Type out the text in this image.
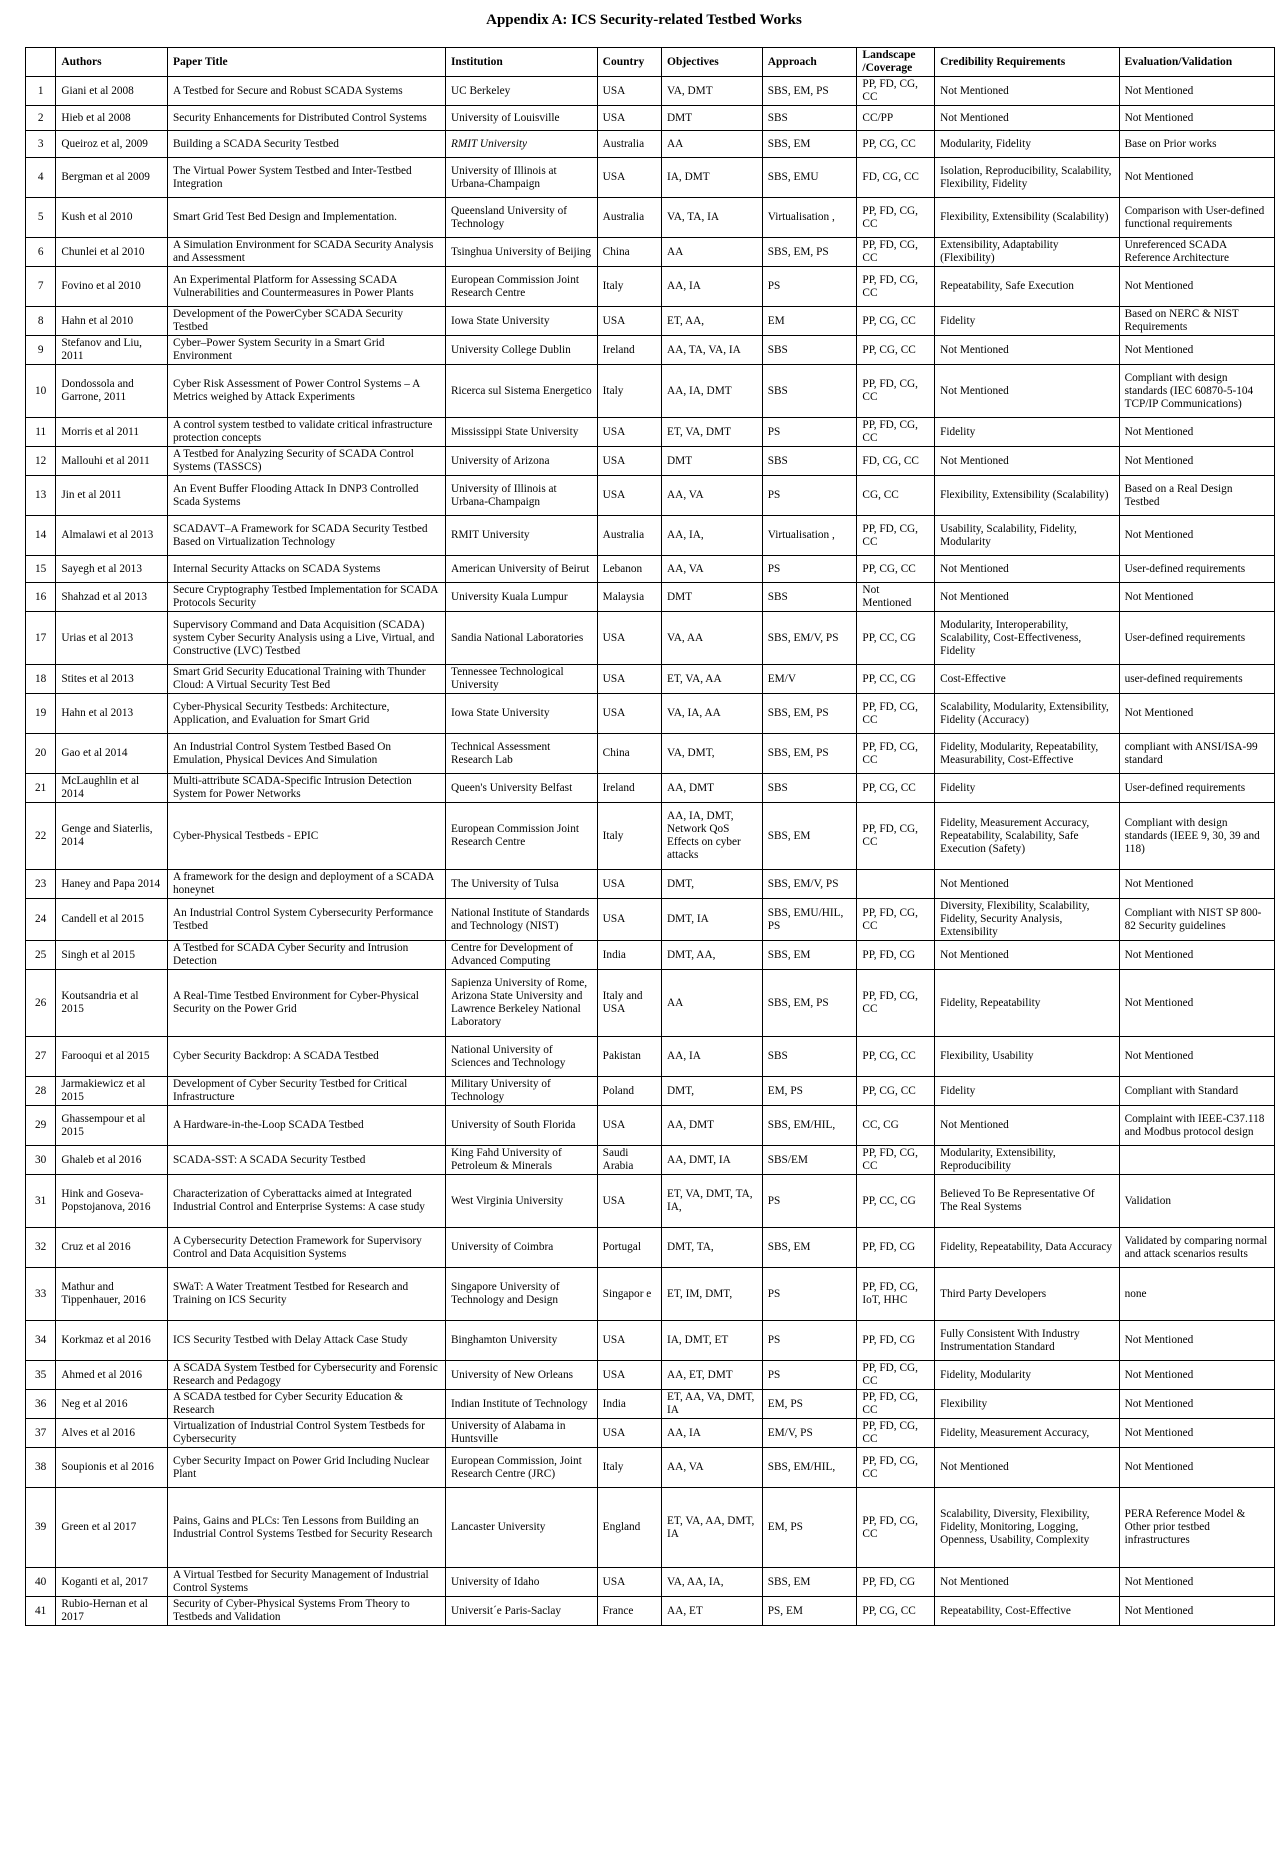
Appendix A: ICS Security-related Testbed Works
	Authors	Paper Title	Institution	Country	Objectives	Approach	Landscape /Coverage	Credibility Requirements	Evaluation/Validation
1	Giani et al 2008	A Testbed for Secure and Robust SCADA Systems	UC Berkeley	USA	VA, DMT	SBS, EM, PS	PP, FD, CG, CC	Not Mentioned	Not Mentioned
2	Hieb et al 2008	Security Enhancements for Distributed Control Systems	University of Louisville	USA	DMT	SBS	CC/PP	Not Mentioned	Not Mentioned
3	Queiroz et al, 2009	Building a SCADA Security Testbed	RMIT University	Australia	AA	SBS, EM	PP, CG, CC	Modularity, Fidelity	Base on Prior works
4	Bergman et al 2009	The Virtual Power System Testbed and Inter-Testbed Integration	University of Illinois at Urbana-Champaign	USA	IA, DMT	SBS, EMU	FD, CG, CC	Isolation, Reproducibility, Scalability, Flexibility, Fidelity	Not Mentioned
5	Kush et al 2010	Smart Grid Test Bed Design and Implementation.	Queensland University of Technology	Australia	VA, TA, IA	Virtualisation ,	PP, FD, CG, CC	Flexibility, Extensibility (Scalability)	Comparison with User-defined functional requirements
6	Chunlei et al 2010	A Simulation Environment for SCADA Security Analysis and Assessment	Tsinghua University of Beijing	China	AA	SBS, EM, PS	PP, FD, CG, CC	Extensibility, Adaptability (Flexibility)	Unreferenced SCADA Reference Architecture
7	Fovino et al 2010	An Experimental Platform for Assessing SCADA Vulnerabilities and Countermeasures in Power Plants	European Commission Joint Research Centre	Italy	AA, IA	PS	PP, FD, CG, CC	Repeatability, Safe Execution	Not Mentioned
8	Hahn et al 2010	Development of the PowerCyber SCADA Security Testbed	Iowa State University	USA	ET, AA,	EM	PP, CG, CC	Fidelity	Based on NERC & NIST Requirements
9	Stefanov and Liu, 2011	Cyber–Power System Security in a Smart Grid Environment	University College Dublin	Ireland	AA, TA, VA, IA	SBS	PP, CG, CC	Not Mentioned	Not Mentioned
10	Dondossola and Garrone, 2011	Cyber Risk Assessment of Power Control Systems – A Metrics weighed by Attack Experiments	Ricerca sul Sistema Energetico	Italy	AA, IA, DMT	SBS	PP, FD, CG, CC	Not Mentioned	Compliant with design standards (IEC 60870-5-104 TCP/IP Communications)
11	Morris et al 2011	A control system testbed to validate critical infrastructure protection concepts	Mississippi State University	USA	ET, VA, DMT	PS	PP, FD, CG, CC	Fidelity	Not Mentioned
12	Mallouhi et al 2011	A Testbed for Analyzing Security of SCADA Control Systems (TASSCS)	University of Arizona	USA	DMT	SBS	FD, CG, CC	Not Mentioned	Not Mentioned
13	Jin et al 2011	An Event Buffer Flooding Attack In DNP3 Controlled Scada Systems	University of Illinois at Urbana-Champaign	USA	AA, VA	PS	CG, CC	Flexibility, Extensibility (Scalability)	Based on a Real Design Testbed
14	Almalawi et al 2013	SCADAVT–A Framework for SCADA Security Testbed Based on Virtualization Technology	RMIT University	Australia	AA, IA,	Virtualisation ,	PP, FD, CG, CC	Usability, Scalability, Fidelity, Modularity	Not Mentioned
15	Sayegh et al 2013	Internal Security Attacks on SCADA Systems	American University of Beirut	Lebanon	AA, VA	PS	PP, CG, CC	Not Mentioned	User-defined requirements
16	Shahzad et al 2013	Secure Cryptography Testbed Implementation for SCADA Protocols Security	University Kuala Lumpur	Malaysia	DMT	SBS	Not Mentioned	Not Mentioned	Not Mentioned
17	Urias et al 2013	Supervisory Command and Data Acquisition (SCADA) system Cyber Security Analysis using a Live, Virtual, and Constructive (LVC) Testbed	Sandia National Laboratories	USA	VA, AA	SBS, EM/V, PS	PP, CC, CG	Modularity, Interoperability, Scalability, Cost-Effectiveness, Fidelity	User-defined requirements
18	Stites et al 2013	Smart Grid Security Educational Training with Thunder Cloud: A Virtual Security Test Bed	Tennessee Technological University	USA	ET, VA, AA	EM/V	PP, CC, CG	Cost-Effective	user-defined requirements
19	Hahn et al 2013	Cyber-Physical Security Testbeds: Architecture, Application, and Evaluation for Smart Grid	Iowa State University	USA	VA, IA, AA	SBS, EM, PS	PP, FD, CG, CC	Scalability, Modularity, Extensibility, Fidelity (Accuracy)	Not Mentioned
20	Gao et al 2014	An Industrial Control System Testbed Based On Emulation, Physical Devices And Simulation	Technical Assessment Research Lab	China	VA, DMT,	SBS, EM, PS	PP, FD, CG, CC	Fidelity, Modularity, Repeatability, Measurability, Cost-Effective	compliant with ANSI/ISA-99 standard
21	McLaughlin et al 2014	Multi-attribute SCADA-Specific Intrusion Detection System for Power Networks	Queen's University Belfast	Ireland	AA, DMT	SBS	PP, CG, CC	Fidelity	User-defined requirements
22	Genge and Siaterlis, 2014	Cyber-Physical Testbeds - EPIC	European Commission Joint Research Centre	Italy	AA, IA, DMT, Network QoS Effects on cyber attacks	SBS, EM	PP, FD, CG, CC	Fidelity, Measurement Accuracy, Repeatability, Scalability, Safe Execution (Safety)	Compliant with design standards (IEEE 9, 30, 39 and 118)
23	Haney and Papa 2014	A framework for the design and deployment of a SCADA honeynet	The University of Tulsa	USA	DMT,	SBS, EM/V, PS		Not Mentioned	Not Mentioned
24	Candell et al 2015	An Industrial Control System Cybersecurity Performance Testbed	National Institute of Standards and Technology (NIST)	USA	DMT, IA	SBS, EMU/HIL, PS	PP, FD, CG, CC	Diversity, Flexibility, Scalability, Fidelity, Security Analysis, Extensibility	Compliant with NIST SP 800-82 Security guidelines
25	Singh et al 2015	A Testbed for SCADA Cyber Security and Intrusion Detection	Centre for Development of Advanced Computing	India	DMT, AA,	SBS, EM	PP, FD, CG	Not Mentioned	Not Mentioned
26	Koutsandria et al 2015	A Real-Time Testbed Environment for Cyber-Physical Security on the Power Grid	Sapienza University of Rome, Arizona State University and Lawrence Berkeley National Laboratory	Italy and USA	AA	SBS, EM, PS	PP, FD, CG, CC	Fidelity, Repeatability	Not Mentioned
27	Farooqui et al 2015	Cyber Security Backdrop: A SCADA Testbed	National University of Sciences and Technology	Pakistan	AA, IA	SBS	PP, CG, CC	Flexibility, Usability	Not Mentioned
28	Jarmakiewicz et al 2015	Development of Cyber Security Testbed for Critical Infrastructure	Military University of Technology	Poland	DMT,	EM, PS	PP, CG, CC	Fidelity	Compliant with Standard
29	Ghassempour et al 2015	A Hardware-in-the-Loop SCADA Testbed	University of South Florida	USA	AA, DMT	SBS, EM/HIL,	CC, CG	Not Mentioned	Complaint with IEEE-C37.118 and Modbus protocol design
30	Ghaleb et al 2016	SCADA-SST: A SCADA Security Testbed	King Fahd University of Petroleum & Minerals	Saudi Arabia	AA, DMT, IA	SBS/EM	PP, FD, CG, CC	Modularity, Extensibility, Reproducibility	
31	Hink and Goseva-Popstojanova, 2016	Characterization of Cyberattacks aimed at Integrated Industrial Control and Enterprise Systems: A case study	West Virginia University	USA	ET, VA, DMT, TA, IA,	PS	PP, CC, CG	Believed To Be Representative Of The Real Systems	Validation
32	Cruz et al 2016	A Cybersecurity Detection Framework for Supervisory Control and Data Acquisition Systems	University of Coimbra	Portugal	DMT, TA,	SBS, EM	PP, FD, CG	Fidelity, Repeatability, Data Accuracy	Validated by comparing normal and attack scenarios results
33	Mathur and Tippenhauer, 2016	SWaT: A Water Treatment Testbed for Research and Training on ICS Security	Singapore University of Technology and Design	Singapor e	ET, IM, DMT,	PS	PP, FD, CG, IoT, HHC	Third Party Developers	none
34	Korkmaz et al 2016	ICS Security Testbed with Delay Attack Case Study	Binghamton University	USA	IA, DMT, ET	PS	PP, FD, CG	Fully Consistent With Industry Instrumentation Standard	Not Mentioned
35	Ahmed et al 2016	A SCADA System Testbed for Cybersecurity and Forensic Research and Pedagogy	University of New Orleans	USA	AA, ET, DMT	PS	PP, FD, CG, CC	Fidelity, Modularity	Not Mentioned
36	Neg et al 2016	A SCADA testbed for Cyber Security Education & Research	Indian Institute of Technology	India	ET, AA, VA, DMT, IA	EM, PS	PP, FD, CG, CC	Flexibility	Not Mentioned
37	Alves et al 2016	Virtualization of Industrial Control System Testbeds for Cybersecurity	University of Alabama in Huntsville	USA	AA, IA	EM/V, PS	PP, FD, CG, CC	Fidelity, Measurement Accuracy,	Not Mentioned
38	Soupionis et al 2016	Cyber Security Impact on Power Grid Including Nuclear Plant	European Commission, Joint Research Centre (JRC)	Italy	AA, VA	SBS, EM/HIL,	PP, FD, CG, CC	Not Mentioned	Not Mentioned
39	Green et al 2017	Pains, Gains and PLCs: Ten Lessons from Building an Industrial Control Systems Testbed for Security Research	Lancaster University	England	ET, VA, AA, DMT, IA	EM, PS	PP, FD, CG, CC	Scalability, Diversity, Flexibility, Fidelity, Monitoring, Logging, Openness, Usability, Complexity	PERA Reference Model & Other prior testbed infrastructures
40	Koganti et al, 2017	A Virtual Testbed for Security Management of Industrial Control Systems	University of Idaho	USA	VA, AA, IA,	SBS, EM	PP, FD, CG	Not Mentioned	Not Mentioned
41	Rubio-Hernan et al 2017	Security of Cyber-Physical Systems From Theory to Testbeds and Validation	Universit´e Paris-Saclay	France	AA, ET	PS, EM	PP, CG, CC	Repeatability, Cost-Effective	Not Mentioned
